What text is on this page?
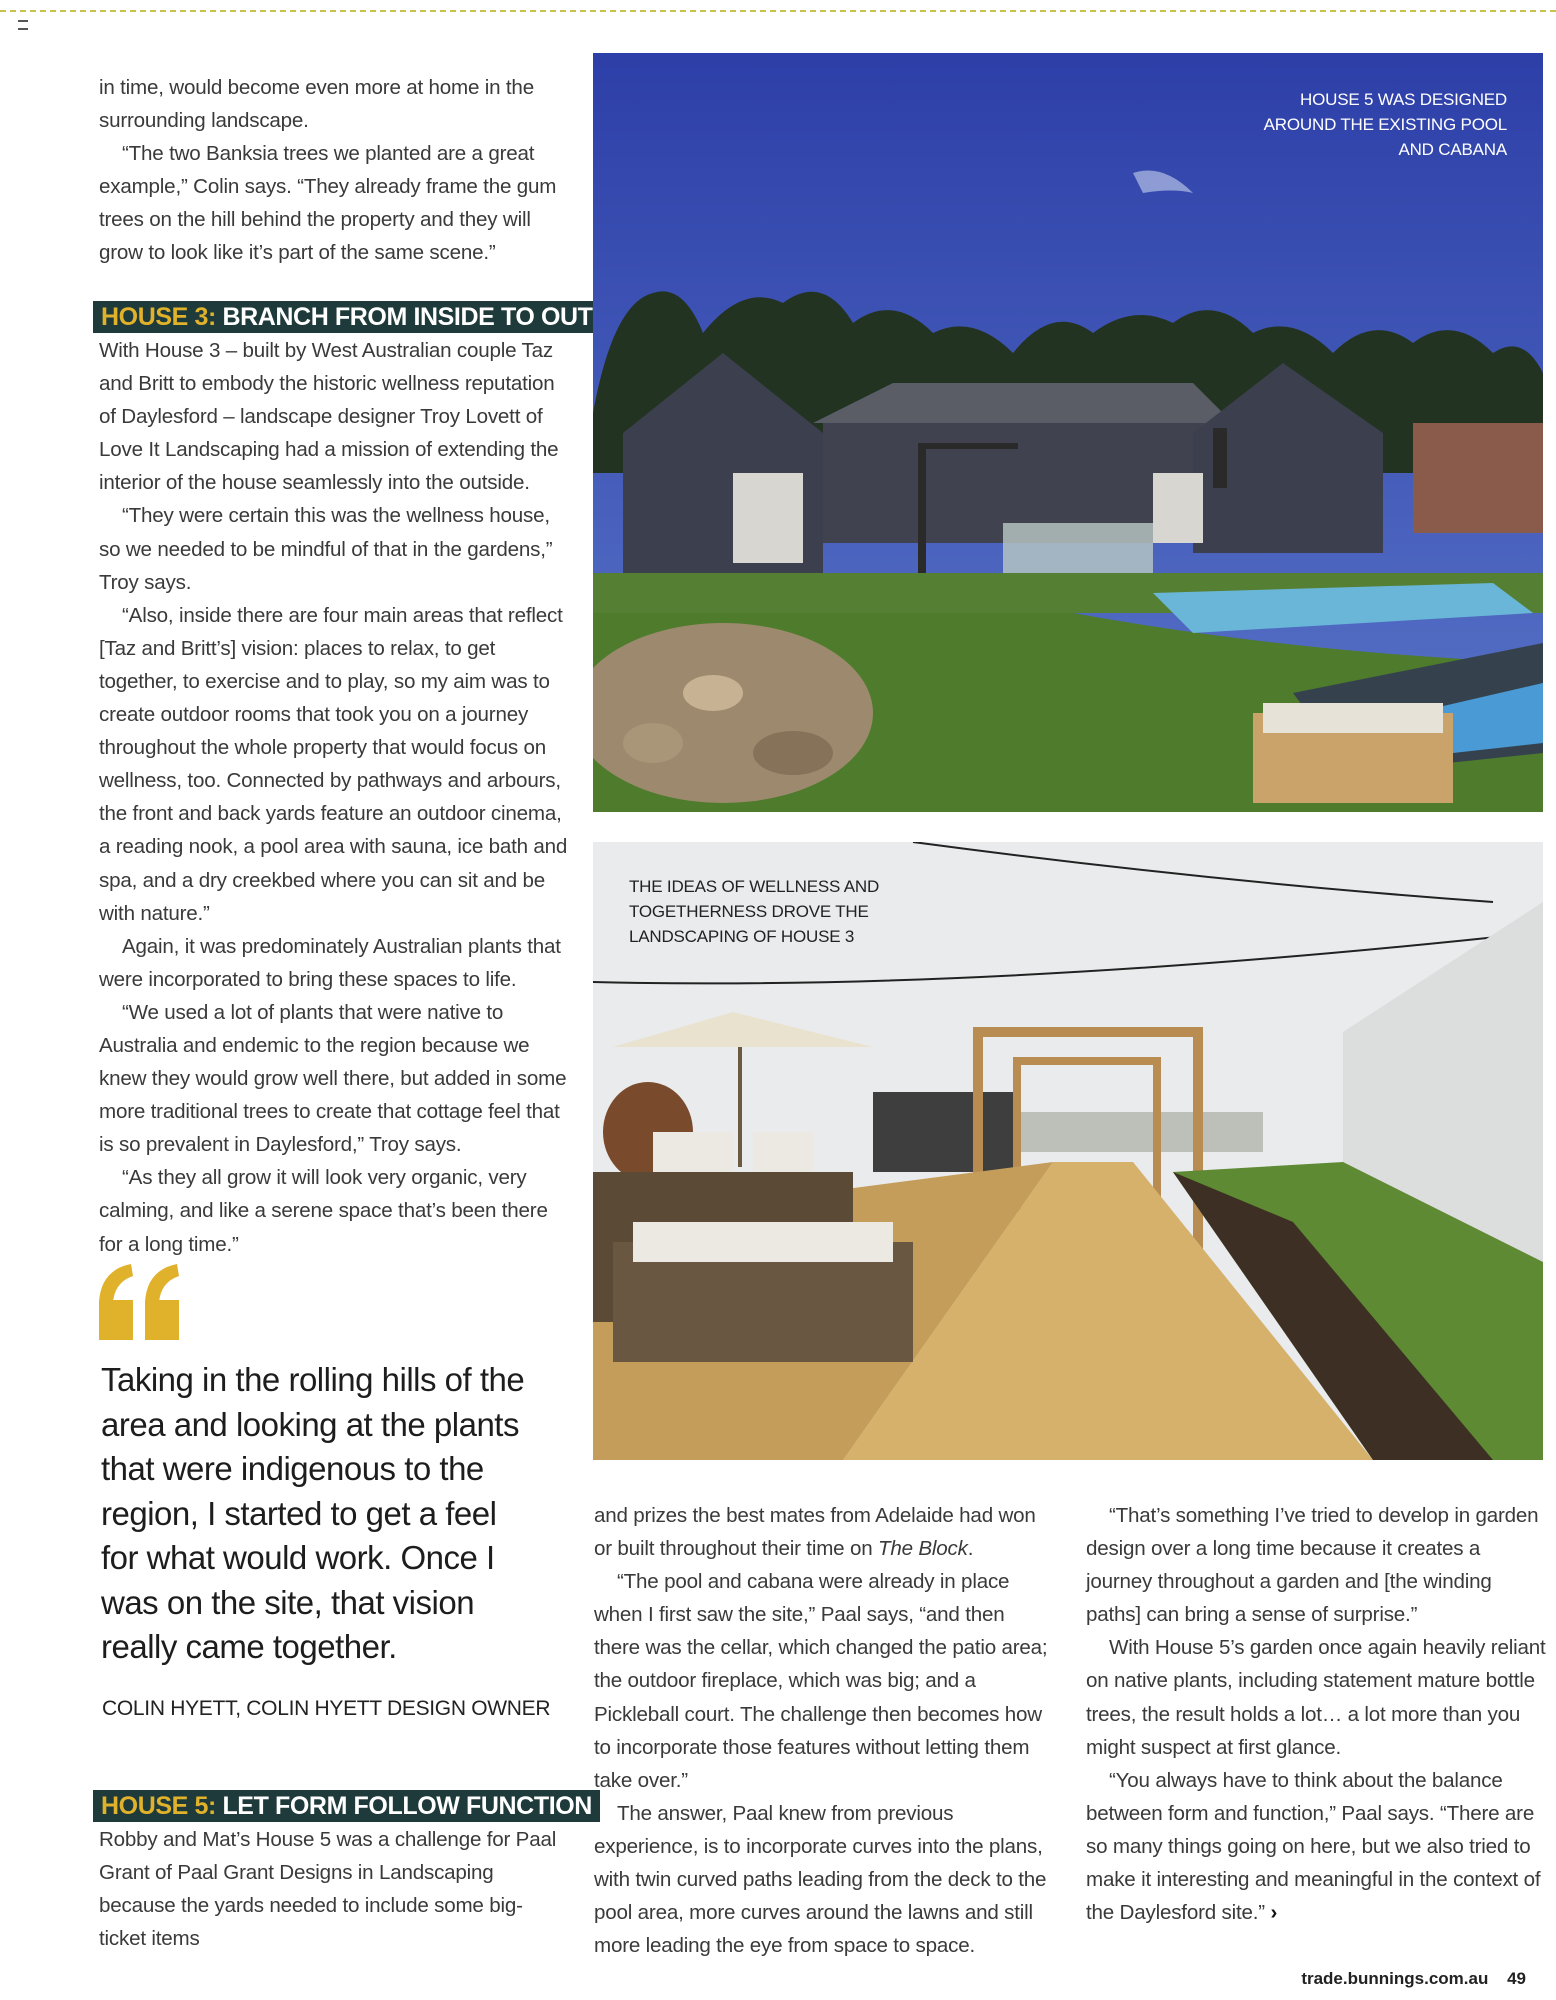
in time, would become even more at home in the surrounding landscape.

“The two Banksia trees we planted are a great example,” Colin says. “They already frame the gum trees on the hill behind the property and they will grow to look like it’s part of the same scene.”

HOUSE 3: BRANCH FROM INSIDE TO OUT

With House 3 – built by West Australian couple Taz and Britt to embody the historic wellness reputation of Daylesford – landscape designer Troy Lovett of Love It Landscaping had a mission of extending the interior of the house seamlessly into the outside.

“They were certain this was the wellness house, so we needed to be mindful of that in the gardens,” Troy says.

“Also, inside there are four main areas that reflect [Taz and Britt’s] vision: places to relax, to get together, to exercise and to play, so my aim was to create outdoor rooms that took you on a journey throughout the whole property that would focus on wellness, too. Connected by pathways and arbours, the front and back yards feature an outdoor cinema, a reading nook, a pool area with sauna, ice bath and spa, and a dry creekbed where you can sit and be with nature.”

Again, it was predominately Australian plants that were incorporated to bring these spaces to life.

“We used a lot of plants that were native to Australia and endemic to the region because we knew they would grow well there, but added in some more traditional trees to create that cottage feel that is so prevalent in Daylesford,” Troy says.

“As they all grow it will look very organic, very calming, and like a serene space that’s been there for a long time.”

Taking in the rolling hills of the area and looking at the plants that were indigenous to the region, I started to get a feel for what would work. Once I was on the site, that vision really came together.
COLIN HYETT, COLIN HYETT DESIGN OWNER
HOUSE 5: LET FORM FOLLOW FUNCTION

Robby and Mat’s House 5 was a challenge for Paal Grant of Paal Grant Designs in Landscaping because the yards needed to include some big-ticket items

HOUSE 5 WAS DESIGNED AROUND THE EXISTING POOL AND CABANA
THE IDEAS OF WELLNESS AND TOGETHERNESS DROVE THE LANDSCAPING OF HOUSE 3

and prizes the best mates from Adelaide had won or built throughout their time on The Block.

“The pool and cabana were already in place when I first saw the site,” Paal says, “and then there was the cellar, which changed the patio area; the outdoor fireplace, which was big; and a Pickleball court. The challenge then becomes how to incorporate those features without letting them take over.”

The answer, Paal knew from previous experience, is to incorporate curves into the plans, with twin curved paths leading from the deck to the pool area, more curves around the lawns and still more leading the eye from space to space.

“That’s something I’ve tried to develop in garden design over a long time because it creates a journey throughout a garden and [the winding paths] can bring a sense of surprise.”

With House 5’s garden once again heavily reliant on native plants, including statement mature bottle trees, the result holds a lot… a lot more than you might suspect at first glance.

“You always have to think about the balance between form and function,” Paal says. “There are so many things going on here, but we also tried to make it interesting and meaningful in the context of the Daylesford site.” ›

trade.bunnings.com.au 49
